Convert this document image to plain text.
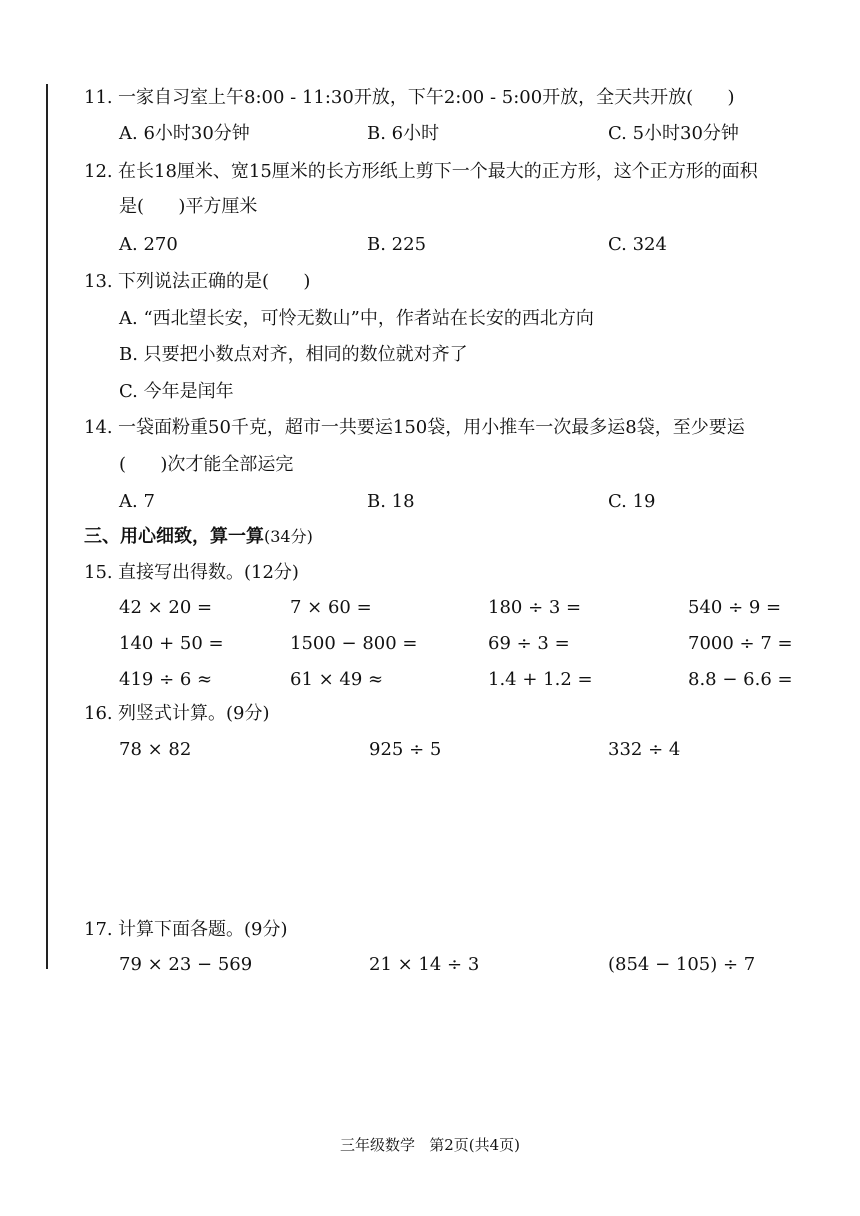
11. 一家自习室上午8:00 - 11:30开放，下午2:00 - 5:00开放，全天共开放(      )
A. 6小时30分钟	B. 6小时	C. 5小时30分钟
12. 在长18厘米、宽15厘米的长方形纸上剪下一个最大的正方形，这个正方形的面积
是(      )平方厘米
A. 270	B. 225	C. 324
13. 下列说法正确的是(      )
A. “西北望长安，可怜无数山”中，作者站在长安的西北方向
B. 只要把小数点对齐，相同的数位就对齐了
C. 今年是闰年
14. 一袋面粉重50千克，超市一共要运150袋，用小推车一次最多运8袋，至少要运
(      )次才能全部运完
A. 7	B. 18	C. 19
三、用心细致，算一算(34分)
15. 直接写出得数。(12分)
42 × 20 =	7 × 60 =	180 ÷ 3 =	540 ÷ 9 =
140 + 50 =	1500 − 800 =	69 ÷ 3 =	7000 ÷ 7 =
419 ÷ 6 ≈	61 × 49 ≈	1.4 + 1.2 =	8.8 − 6.6 =
16. 列竖式计算。(9分)
78 × 82	925 ÷ 5	332 ÷ 4
17. 计算下面各题。(9分)
79 × 23 − 569	21 × 14 ÷ 3	(854 − 105) ÷ 7
三年级数学   第2页(共4页)
